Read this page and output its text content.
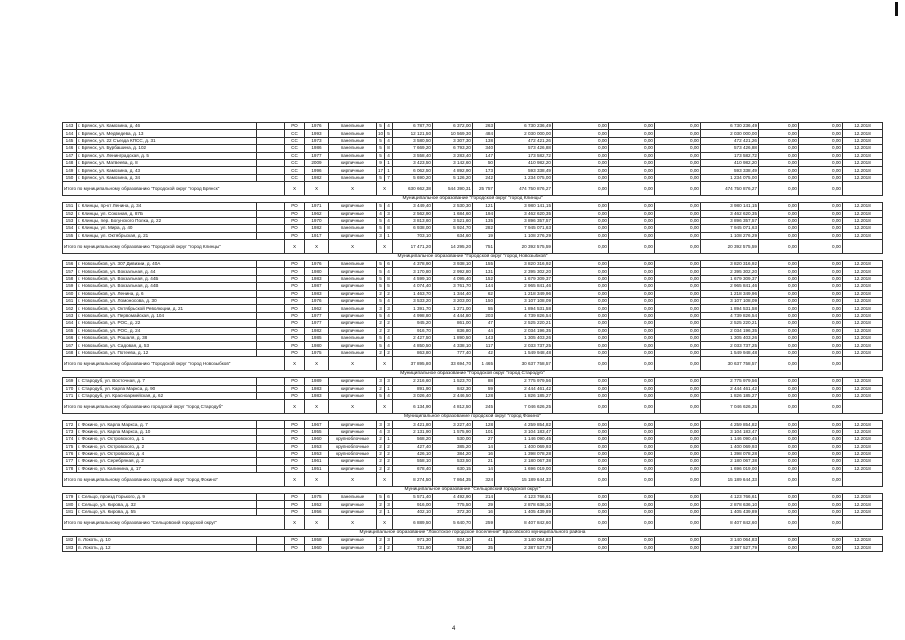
143	г. Брянск, ул. Камозина, д. 46		РО	1976	панельные	5	4	6 787,70	6 372,00	263	6 730 236,49	0,00	0,00	0,00	6 730 236,49	0,00	0,00	12.2018
144	г. Брянск, ул. Медведева, д. 13		СС	1993	панельные	10	5	12 121,50	10 569,30	484	2 030 000,00	0,00	0,00	0,00	2 030 000,00	0,00	0,00	12.2018
145	г. Брянск, ул. 22 Съезда КПСС, д. 31		СС	1973	панельные	5	4	3 580,50	3 307,30	138	472 421,26	0,00	0,00	0,00	472 421,26	0,00	0,00	12.2018
146	г. Брянск, ул. Бурбашина, д. 102		СС	1986	панельные	5	8	7 669,20	6 793,20	340	573 426,88	0,00	0,00	0,00	573 426,88	0,00	0,00	12.2018
147	г. Брянск, ул. Ленинградская, д. 5		СС	1977	панельные	5	4	3 558,40	3 283,40	147	173 582,72	0,00	0,00	0,00	173 582,72	0,00	0,00	12.2018
148	г. Брянск, ул. Матвеева, д. 8		СС	2009	кирпичные	9	1	3 423,50	3 142,60	50	410 982,20	0,00	0,00	0,00	410 982,20	0,00	0,00	12.2018
149	г. Брянск, ул. Камозина, д. 43		СС	1996	кирпичные	17	1	6 062,50	4 892,90	173	593 338,49	0,00	0,00	0,00	593 338,49	0,00	0,00	12.2018
150	г. Брянск, ул. Камозина, д. 34		СС	1982	панельные	5	7	5 690,20	5 126,20	242	1 234 075,00	0,00	0,00	0,00	1 234 075,00	0,00	0,00	12.2018
Итого по муниципальному образованию "Городской округ "город Брянск"			X	X	X	X		630 662,38	544 390,31	25 757	474 750 876,27	0,00	0,00	0,00	474 750 876,27	0,00	0,00	
Муниципальное образование "Городской округ "город Клинцы"																		
151	г. Клинцы, пр-кт Ленина, д. 34		РО	1971	кирпичные	5	4	3 449,40	2 530,30	121	3 980 141,15	0,00	0,00	0,00	3 980 141,15	0,00	0,00	12.2018
152	г. Клинцы, ул. Союзная, д. 87Б		РО	1962	кирпичные	4	3	2 562,90	1 684,60	194	3 462 620,35	0,00	0,00	0,00	3 462 620,35	0,00	0,00	12.2018
153	г. Клинцы, пер. Богунского Полка, д. 22		РО	1970	кирпичные	5	4	3 813,60	3 521,60	135	3 896 357,57	0,00	0,00	0,00	3 896 357,57	0,00	0,00	12.2018
154	г. Клинцы, ул. Мира, д. 40		РО	1982	панельные	5	8	6 938,00	5 924,70	282	7 945 071,63	0,00	0,00	0,00	7 945 071,63	0,00	0,00	12.2018
155	г. Клинцы, ул. Октябрьская, д. 21		РО	1917	кирпичные	3	1	703,10	634,60	19	1 108 276,29	0,00	0,00	0,00	1 108 276,29	0,00	0,00	12.2018
Итого по муниципальному образованию "Городской округ "город Клинцы"			X	X	X	X		17 471,20	14 295,20	751	20 392 575,59	0,00	0,00	0,00	20 392 575,59	0,00	0,00	
Муниципальное образование "Городской округ "город Новозыбков"																		
156	г. Новозыбков, ул. 307 Дивизии, д. 40А		РО	1976	панельные	5	6	4 378,90	3 938,10	155	3 820 316,92	0,00	0,00	0,00	3 820 316,92	0,00	0,00	12.2018
157	г. Новозыбков, ул. Вокзальная, д. 44		РО	1980	кирпичные	5	4	3 170,80	2 992,80	131	2 395 302,20	0,00	0,00	0,00	2 395 302,20	0,00	0,00	12.2018
158	г. Новозыбков, ул. Вокзальная, д. 44Б		РО	1983	панельные	5	8	4 599,10	4 095,40	152	1 679 309,37	0,00	0,00	0,00	1 679 309,37	0,00	0,00	12.2018
159	г. Новозыбков, ул. Вокзальная, д. 44В		РО	1987	кирпичные	5	5	4 074,40	3 761,70	144	2 965 841,46	0,00	0,00	0,00	2 965 841,46	0,00	0,00	12.2018
160	г. Новозыбков, ул. Ленина, д. 6		РО	1983	кирпичные	2	2	1 463,70	1 344,40	62	1 218 349,96	0,00	0,00	0,00	1 218 349,96	0,00	0,00	12.2018
161	г. Новозыбков, ул. Ломоносова, д. 30		РО	1976	кирпичные	5	4	3 533,20	3 203,00	150	3 107 108,09	0,00	0,00	0,00	3 107 108,09	0,00	0,00	12.2018
162	г. Новозыбков, ул. Октябрьской Революции, д. 21		РО	1962	панельные	3	3	1 391,70	1 271,00	55	1 894 531,58	0,00	0,00	0,00	1 894 531,58	0,00	0,00	12.2018
163	г. Новозыбков, ул. Первомайская, д. 104		РО	1977	кирпичные	5	4	4 998,80	4 444,80	203	4 739 826,54	0,00	0,00	0,00	4 739 826,54	0,00	0,00	12.2018
164	г. Новозыбков, ул. РОС, д. 22		РО	1977	кирпичные	2	2	945,20	861,00	47	2 525 220,21	0,00	0,00	0,00	2 525 220,21	0,00	0,00	12.2018
165	г. Новозыбков, ул. РОС, д. 24		РО	1982	кирпичные	2	2	916,70	836,80	44	2 034 196,35	0,00	0,00	0,00	2 034 196,35	0,00	0,00	12.2018
166	г. Новозыбков, ул. Рошаля, д. 38		РО	1985	панельные	5	4	2 427,50	1 890,50	143	1 305 403,26	0,00	0,00	0,00	1 305 403,26	0,00	0,00	12.2018
167	г. Новозыбков, ул. Садовая, д. 53		РО	1980	кирпичные	5	4	4 850,50	4 338,10	117	2 033 737,25	0,00	0,00	0,00	2 033 737,25	0,00	0,00	12.2018
168	г. Новозыбков, ул. Потеева, д. 12		РО	1975	панельные	2	2	863,80	777,40	42	1 549 948,48	0,00	0,00	0,00	1 549 948,48	0,00	0,00	12.2018
Итого по муниципальному образованию "Городской округ "город Новозыбков"			X	X	X	X		37 895,80	33 694,70	1 465	30 637 758,57	0,00	0,00	0,00	30 637 758,57	0,00	0,00	
Муниципальное образование "Городской округ "город Стародуб"																		
169	г. Стародуб, ул. Восточная, д. 7		РО	1989	кирпичные	3	3	2 216,60	1 523,70	88	2 775 979,56	0,00	0,00	0,00	2 775 979,56	0,00	0,00	12.2018
170	г. Стародуб, ул. Карла Маркса, д. 90		РО	1983	кирпичные	2	1	891,90	842,30	59	2 444 461,42	0,00	0,00	0,00	2 444 461,42	0,00	0,00	12.2018
171	г. Стародуб, ул. Красноармейская, д. 62		РО	1983	кирпичные	5	4	3 026,40	2 446,50	128	1 826 185,27	0,00	0,00	0,00	1 826 185,27	0,00	0,00	12.2018
Итого по муниципальному образованию городской округ "город Стародуб"			X	X	X	X		6 134,90	4 812,50	245	7 046 626,25	0,00	0,00	0,00	7 046 626,25	0,00	0,00	
Муниципальное образование городской округ "город Фокино"																		
172	г. Фокино, ул. Карла Маркса, д. 7		РО	1967	кирпичные	3	3	3 421,80	3 227,40	128	4 259 854,82	0,00	0,00	0,00	4 259 854,82	0,00	0,00	12.2018
173	г. Фокино, ул. Карла Маркса, д. 10		РО	1955	кирпичные	4	3	2 131,90	1 575,90	101	3 104 183,47	0,00	0,00	0,00	3 104 183,47	0,00	0,00	12.2018
174	г. Фокино, ул. Островского, д. 1		РО	1960	крупноблочные	2	1	568,20	530,00	27	1 146 090,45	0,00	0,00	0,00	1 146 090,45	0,00	0,00	12.2018
175	г. Фокино, ул. Островского, д. 2		РО	1953	крупноблочные	2	2	427,40	385,20	14	1 400 069,93	0,00	0,00	0,00	1 400 069,93	0,00	0,00	12.2018
176	г. Фокино, ул. Островского, д. 4		РО	1953	крупноблочные	2	2	426,10	384,20	16	1 398 078,28	0,00	0,00	0,00	1 398 078,28	0,00	0,00	12.2018
177	г. Фокино, ул. Серебряная, д. 2		РО	1961	кирпичные	2	2	558,10	533,50	21	2 180 067,38	0,00	0,00	0,00	2 180 067,38	0,00	0,00	12.2018
178	г. Фокино, ул. Калинина, д. 17		РО	1951	кирпичные	2	2	678,40	630,15	14	1 696 019,00	0,00	0,00	0,00	1 696 019,00	0,00	0,00	12.2018
Итого по муниципальному образованию городской округ "город Фокино"			X	X	X	X		8 274,50	7 864,35	324	15 189 644,33	0,00	0,00	0,00	15 189 644,33	0,00	0,00	
Муниципальное образование "Сельцовский городской округ"																		
179	г. Сельцо, проезд Горького, д. 9		РО	1975	панельные	5	6	5 571,40	4 492,90	214	4 123 766,61	0,00	0,00	0,00	4 123 766,61	0,00	0,00	12.2018
180	г. Сельцо, ул. Кирова, д. 32		РО	1952	кирпичные	2	3	916,00	775,50	29	2 878 636,10	0,00	0,00	0,00	2 878 636,10	0,00	0,00	12.2018
181	г. Сельцо, ул. Кирова, д. 55		РО	1956	кирпичные	2	1	402,10	372,30	16	1 405 439,89	0,00	0,00	0,00	1 405 439,89	0,00	0,00	12.2018
Итого по муниципальному образованию "Сельцовский городской округ"			X	X	X	X		6 889,50	5 640,70	259	8 407 842,60	0,00	0,00	0,00	8 407 842,60	0,00	0,00	
Муниципальное образование "Локотское городское поселение" Брасовского муниципального района																		
182	п. Локоть, д. 10		РО	1958	кирпичные	2	3	971,30	924,10	41	3 140 064,83	0,00	0,00	0,00	3 140 064,83	0,00	0,00	12.2018
183	п. Локоть, д. 12		РО	1960	кирпичные	2	2	731,90	726,80	35	2 387 527,79	0,00	0,00	0,00	2 387 527,79	0,00	0,00	12.2018
4
